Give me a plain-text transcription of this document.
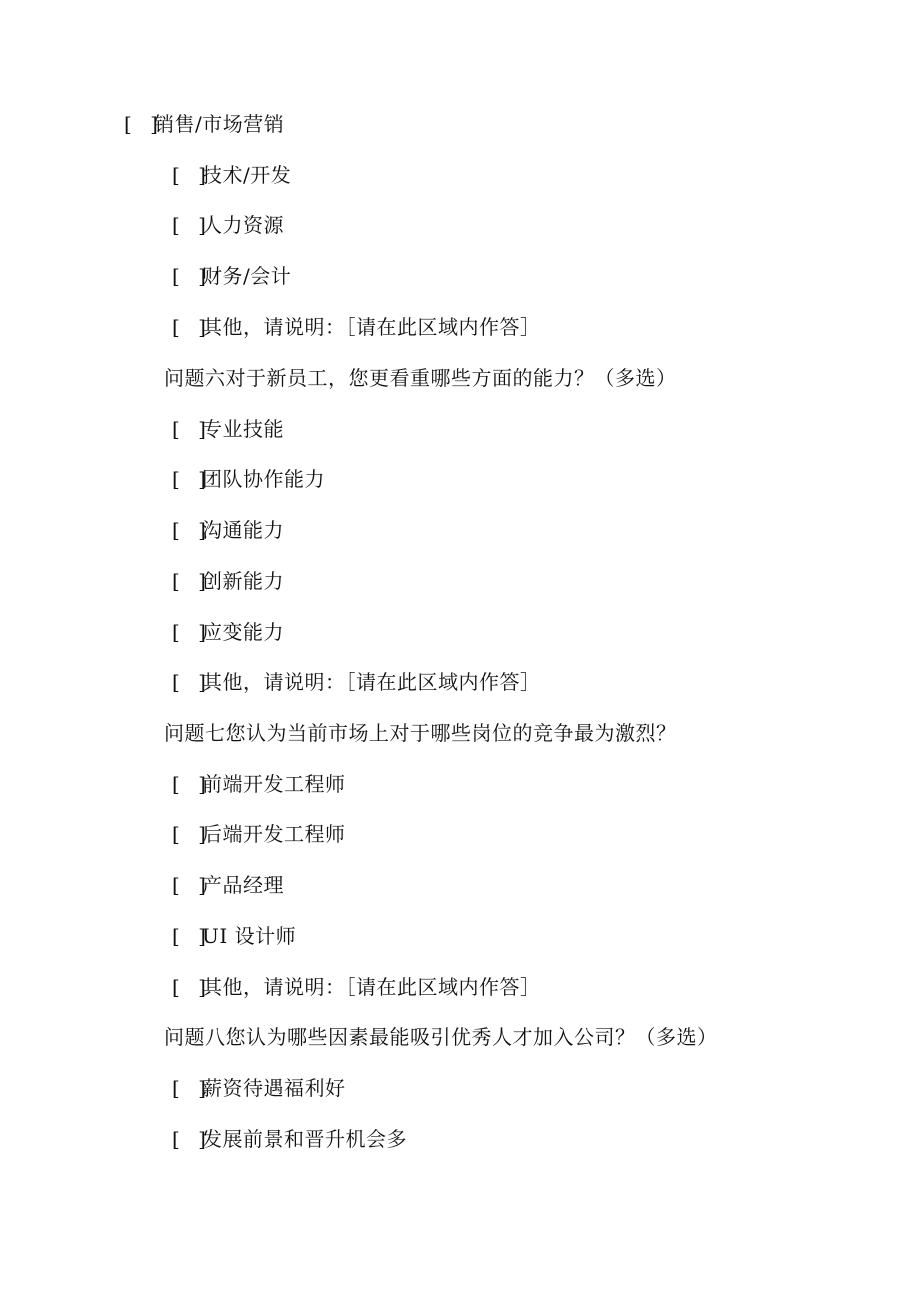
[ ]销售/市场营销
[ ]技术/开发
[ ]人力资源
[ ]财务/会计
[ ]其他，请说明：［请在此区域内作答］
问题六对于新员工，您更看重哪些方面的能力？（多选）
[ ]专业技能
[ ]团队协作能力
[ ]沟通能力
[ ]创新能力
[ ]应变能力
[ ]其他，请说明：［请在此区域内作答］
问题七您认为当前市场上对于哪些岗位的竞争最为激烈？
[ ]前端开发工程师
[ ]后端开发工程师
[ ]产品经理
[ ]UI 设计师
[ ]其他，请说明：［请在此区域内作答］
问题八您认为哪些因素最能吸引优秀人才加入公司？（多选）
[ ]薪资待遇福利好
[ ]发展前景和晋升机会多
